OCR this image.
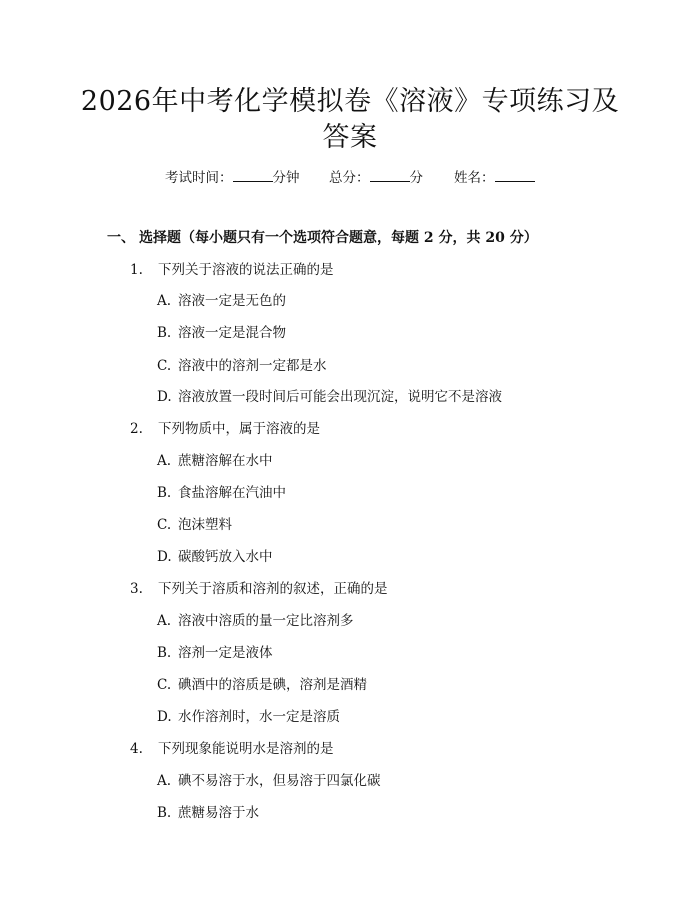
2026年中考化学模拟卷《溶液》专项练习及
答案
考试时间：	分钟 总分：	分 姓名：
一、 选择题（每小题只有一个选项符合题意，每题 2 分，共 20 分）
1. 下列关于溶液的说法正确的是
A. 溶液一定是无色的
B. 溶液一定是混合物
C. 溶液中的溶剂一定都是水
D. 溶液放置一段时间后可能会出现沉淀，说明它不是溶液
2. 下列物质中，属于溶液的是
A. 蔗糖溶解在水中
B. 食盐溶解在汽油中
C. 泡沫塑料
D. 碳酸钙放入水中
3. 下列关于溶质和溶剂的叙述，正确的是
A. 溶液中溶质的量一定比溶剂多
B. 溶剂一定是液体
C. 碘酒中的溶质是碘，溶剂是酒精
D. 水作溶剂时，水一定是溶质
4. 下列现象能说明水是溶剂的是
A. 碘不易溶于水，但易溶于四氯化碳
B. 蔗糖易溶于水
